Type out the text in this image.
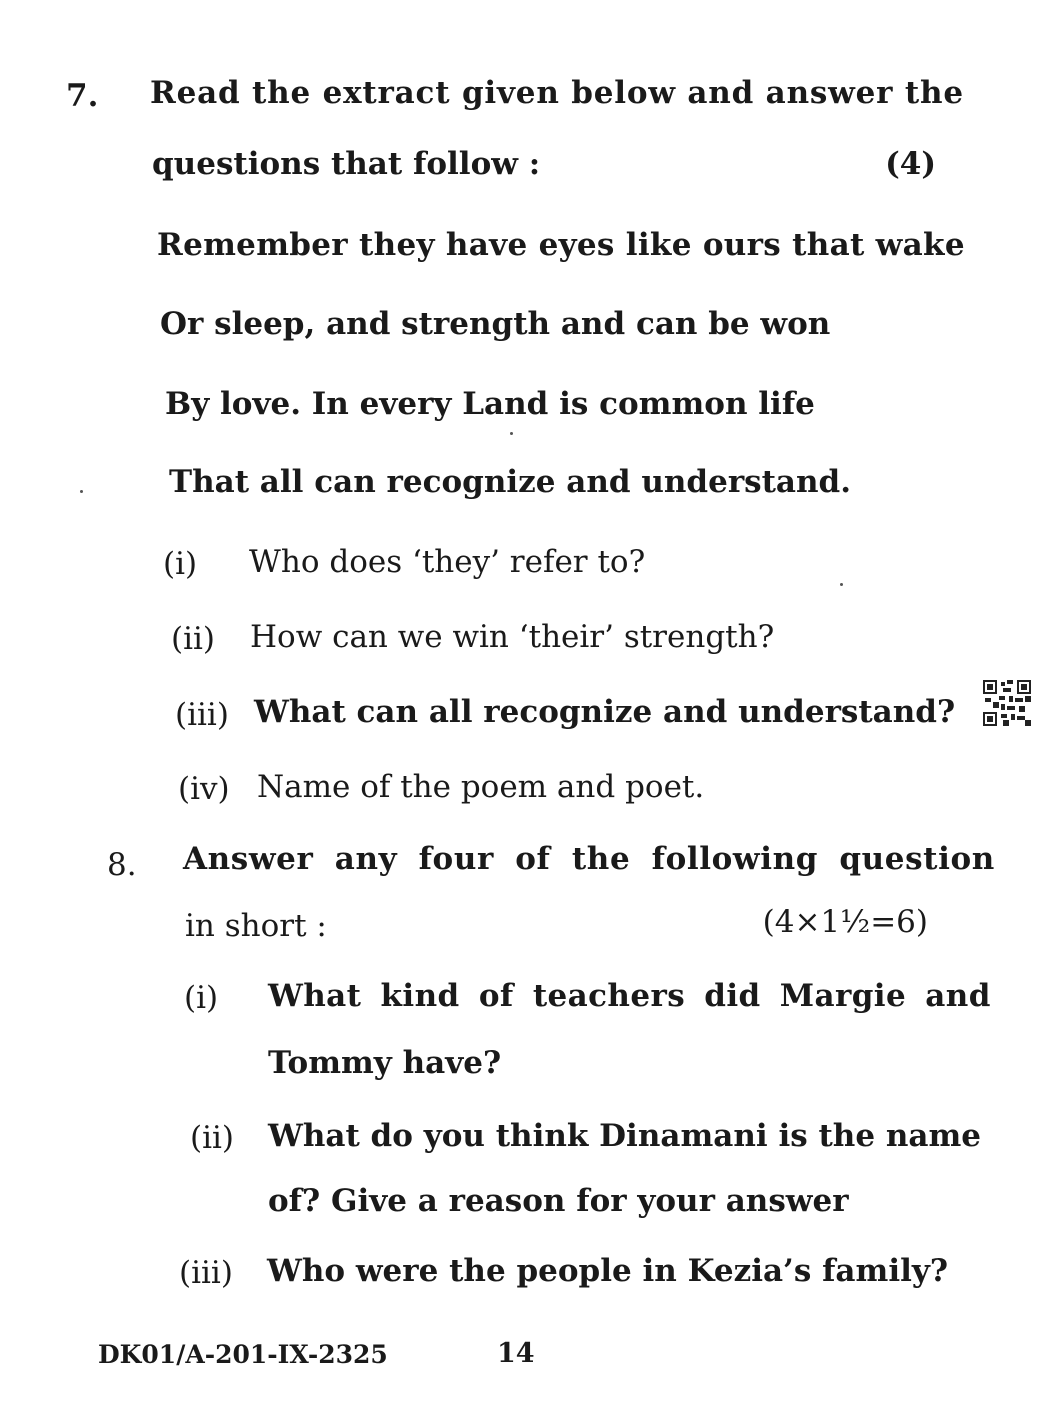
7. Read the extract given below and answer the
questions that follow :	(4)
Remember they have eyes like ours that wake
Or sleep, and strength and can be won
By love. In every Land is common life
That all can recognize and understand.
(i) Who does ‘they’ refer to?
(ii) How can we win ‘their’ strength?
(iii) What can all recognize and understand?
(iv) Name of the poem and poet.
8. Answer any four of the following question
in short :	(4×1½=6)
(i) What kind of teachers did Margie and
Tommy have?
(ii) What do you think Dinamani is the name
of? Give a reason for your answer
(iii) Who were the people in Kezia’s family?
DK01/A-201-IX-2325	14
